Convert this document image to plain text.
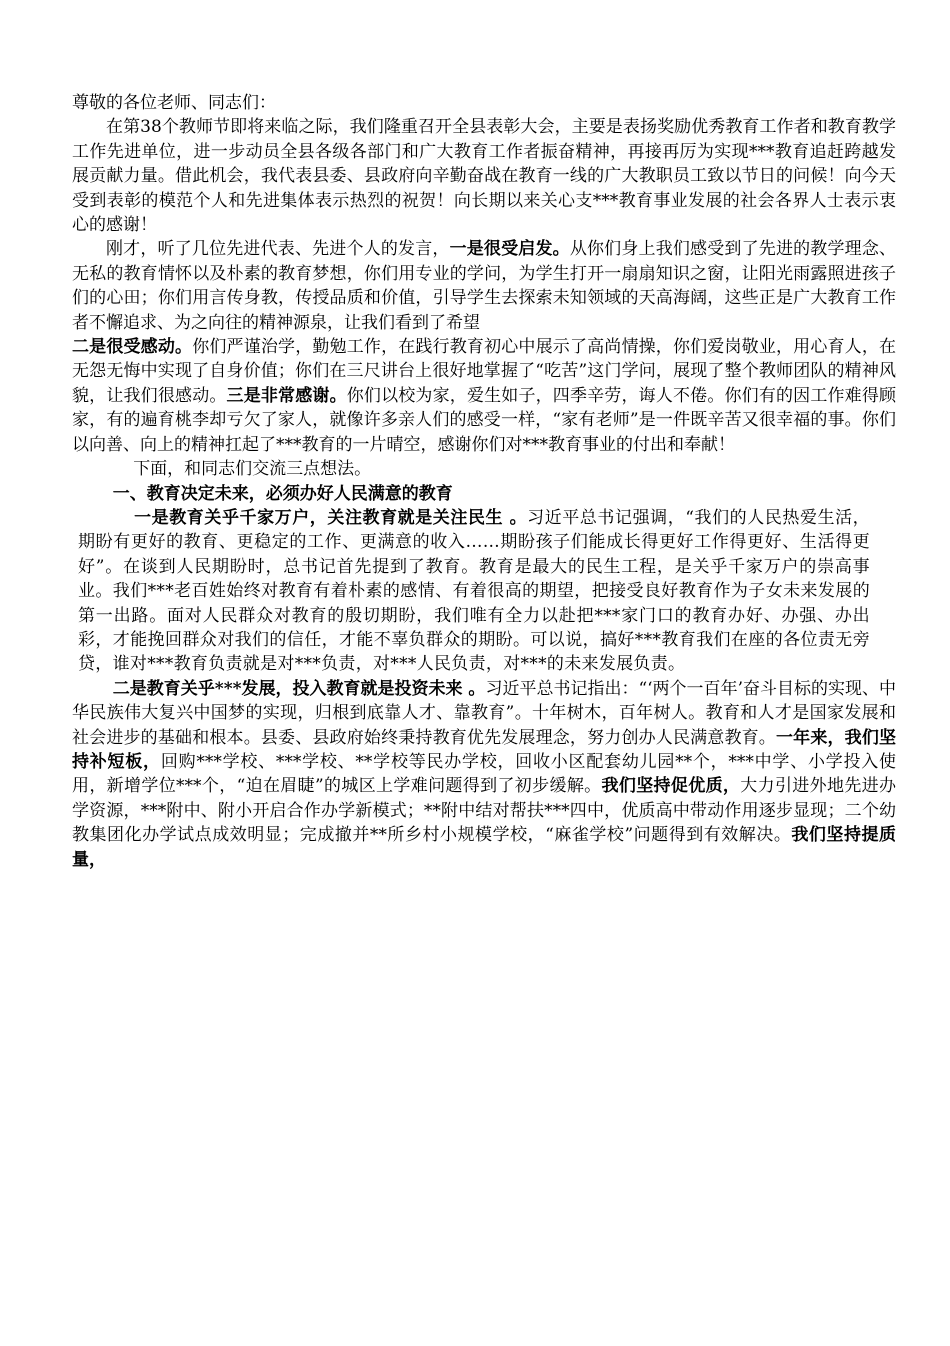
尊敬的各位老师、同志们：

在第38个教师节即将来临之际，我们隆重召开全县表彰大会，主要是表扬奖励优秀教育工作者和教育教学工作先进单位，进一步动员全县各级各部门和广大教育工作者振奋精神，再接再厉为实现***教育追赶跨越发展贡献力量。借此机会，我代表县委、县政府向辛勤奋战在教育一线的广大教职员工致以节日的问候！向今天受到表彰的模范个人和先进集体表示热烈的祝贺！向长期以来关心支***教育事业发展的社会各界人士表示衷心的感谢！

刚才，听了几位先进代表、先进个人的发言，一是很受启发。从你们身上我们感受到了先进的教学理念、无私的教育情怀以及朴素的教育梦想，你们用专业的学问，为学生打开一扇扇知识之窗，让阳光雨露照进孩子们的心田；你们用言传身教，传授品质和价值，引导学生去探索未知领域的天高海阔，这些正是广大教育工作者不懈追求、为之向往的精神源泉，让我们看到了希望
二是很受感动。你们严谨治学，勤勉工作，在践行教育初心中展示了高尚情操，你们爱岗敬业，用心育人，在无怨无悔中实现了自身价值；你们在三尺讲台上很好地掌握了“吃苦”这门学问，展现了整个教师团队的精神风貌，让我们很感动。三是非常感谢。你们以校为家，爱生如子，四季辛劳，诲人不倦。你们有的因工作难得顾家，有的遍育桃李却亏欠了家人，就像许多亲人们的感受一样，“家有老师”是一件既辛苦又很幸福的事。你们以向善、向上的精神扛起了***教育的一片晴空，感谢你们对***教育事业的付出和奉献！

下面，和同志们交流三点想法。

一、教育决定未来，必须办好人民满意的教育

一是教育关乎千家万户，关注教育就是关注民生 。习近平总书记强调，“我们的人民热爱生活，期盼有更好的教育、更稳定的工作、更满意的收入……期盼孩子们能成长得更好工作得更好、生活得更好”。在谈到人民期盼时，总书记首先提到了教育。教育是最大的民生工程，是关乎千家万户的崇高事业。我们***老百姓始终对教育有着朴素的感情、有着很高的期望，把接受良好教育作为子女未来发展的第一出路。面对人民群众对教育的殷切期盼，我们唯有全力以赴把***家门口的教育办好、办强、办出彩，才能挽回群众对我们的信任，才能不辜负群众的期盼。可以说，搞好***教育我们在座的各位责无旁贷，谁对***教育负责就是对***负责，对***人民负责，对***的未来发展负责。

二是教育关乎***发展，投入教育就是投资未来 。习近平总书记指出：“‘两个一百年’奋斗目标的实现、中华民族伟大复兴中国梦的实现，归根到底靠人才、靠教育”。十年树木，百年树人。教育和人才是国家发展和社会进步的基础和根本。县委、县政府始终秉持教育优先发展理念，努力创办人民满意教育。一年来，我们坚持补短板，回购***学校、***学校、**学校等民办学校，回收小区配套幼儿园**个，***中学、小学投入使用，新增学位***个，“迫在眉睫”的城区上学难问题得到了初步缓解。我们坚持促优质，大力引进外地先进办学资源，***附中、附小开启合作办学新模式；**附中结对帮扶***四中，优质高中带动作用逐步显现；二个幼教集团化办学试点成效明显；完成撤并**所乡村小规模学校，“麻雀学校”问题得到有效解决。我们坚持提质量，
